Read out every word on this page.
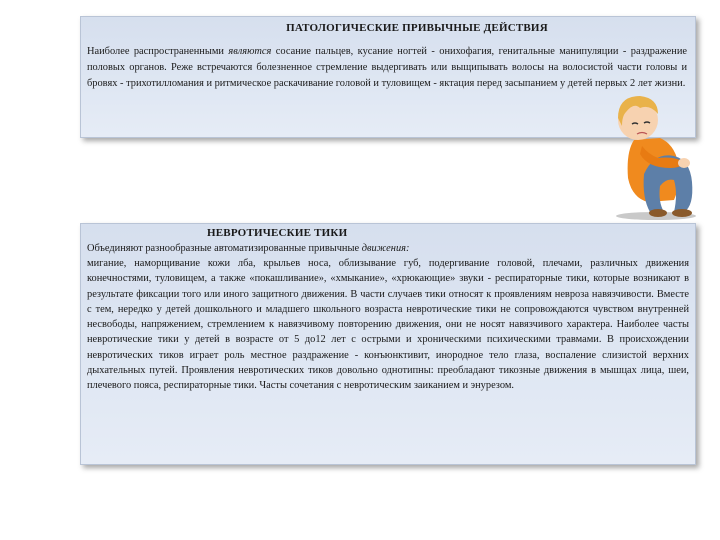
ПАТОЛОГИЧЕСКИЕ ПРИВЫЧНЫЕ ДЕЙСТВИЯ

Наиболее распространенными являются сосание пальцев, кусание ногтей - онихофагия, генитальные манипуляции - раздражение половых органов. Реже встречаются болезненное стремление выдергивать или выщипывать волосы на волосистой части головы и бровях - трихотилломания и ритмическое раскачивание головой и туловищем - яктация перед засыпанием у детей первых 2 лет жизни.

НЕВРОТИЧЕСКИЕ ТИКИ

Объединяют разнообразные автоматизированные привычные движения:

мигание, наморщивание кожи лба, крыльев носа, облизывание губ, подергивание головой, плечами, различных движения конечностями, туловищем, а также «покашливание», «хмыкание», «хрюкающие» звуки - респираторные тики, которые возникают в результате фиксации того или иного защитного движения. В части случаев тики относят к проявлениям невроза навязчивости. Вместе с тем, нередко у детей дошкольного и младшего школьного возраста невротические тики не сопровождаются чувством внутренней несвободы, напряжением, стремлением к навязчивому повторению движения, они не носят навязчивого характера. Наиболее часты невротические тики у детей в возрасте от 5 до12 лет с острыми и хроническими психическими травмами. В происхождении невротических тиков играет роль местное раздражение - конъюнктивит, инородное тело глаза, воспаление слизистой верхних дыхательных путей. Проявления невротических тиков довольно однотипны: преобладают тикозные движения в мышцах лица, шеи, плечевого пояса, респираторные тики. Часты сочетания с невротическим заиканием и энурезом.
